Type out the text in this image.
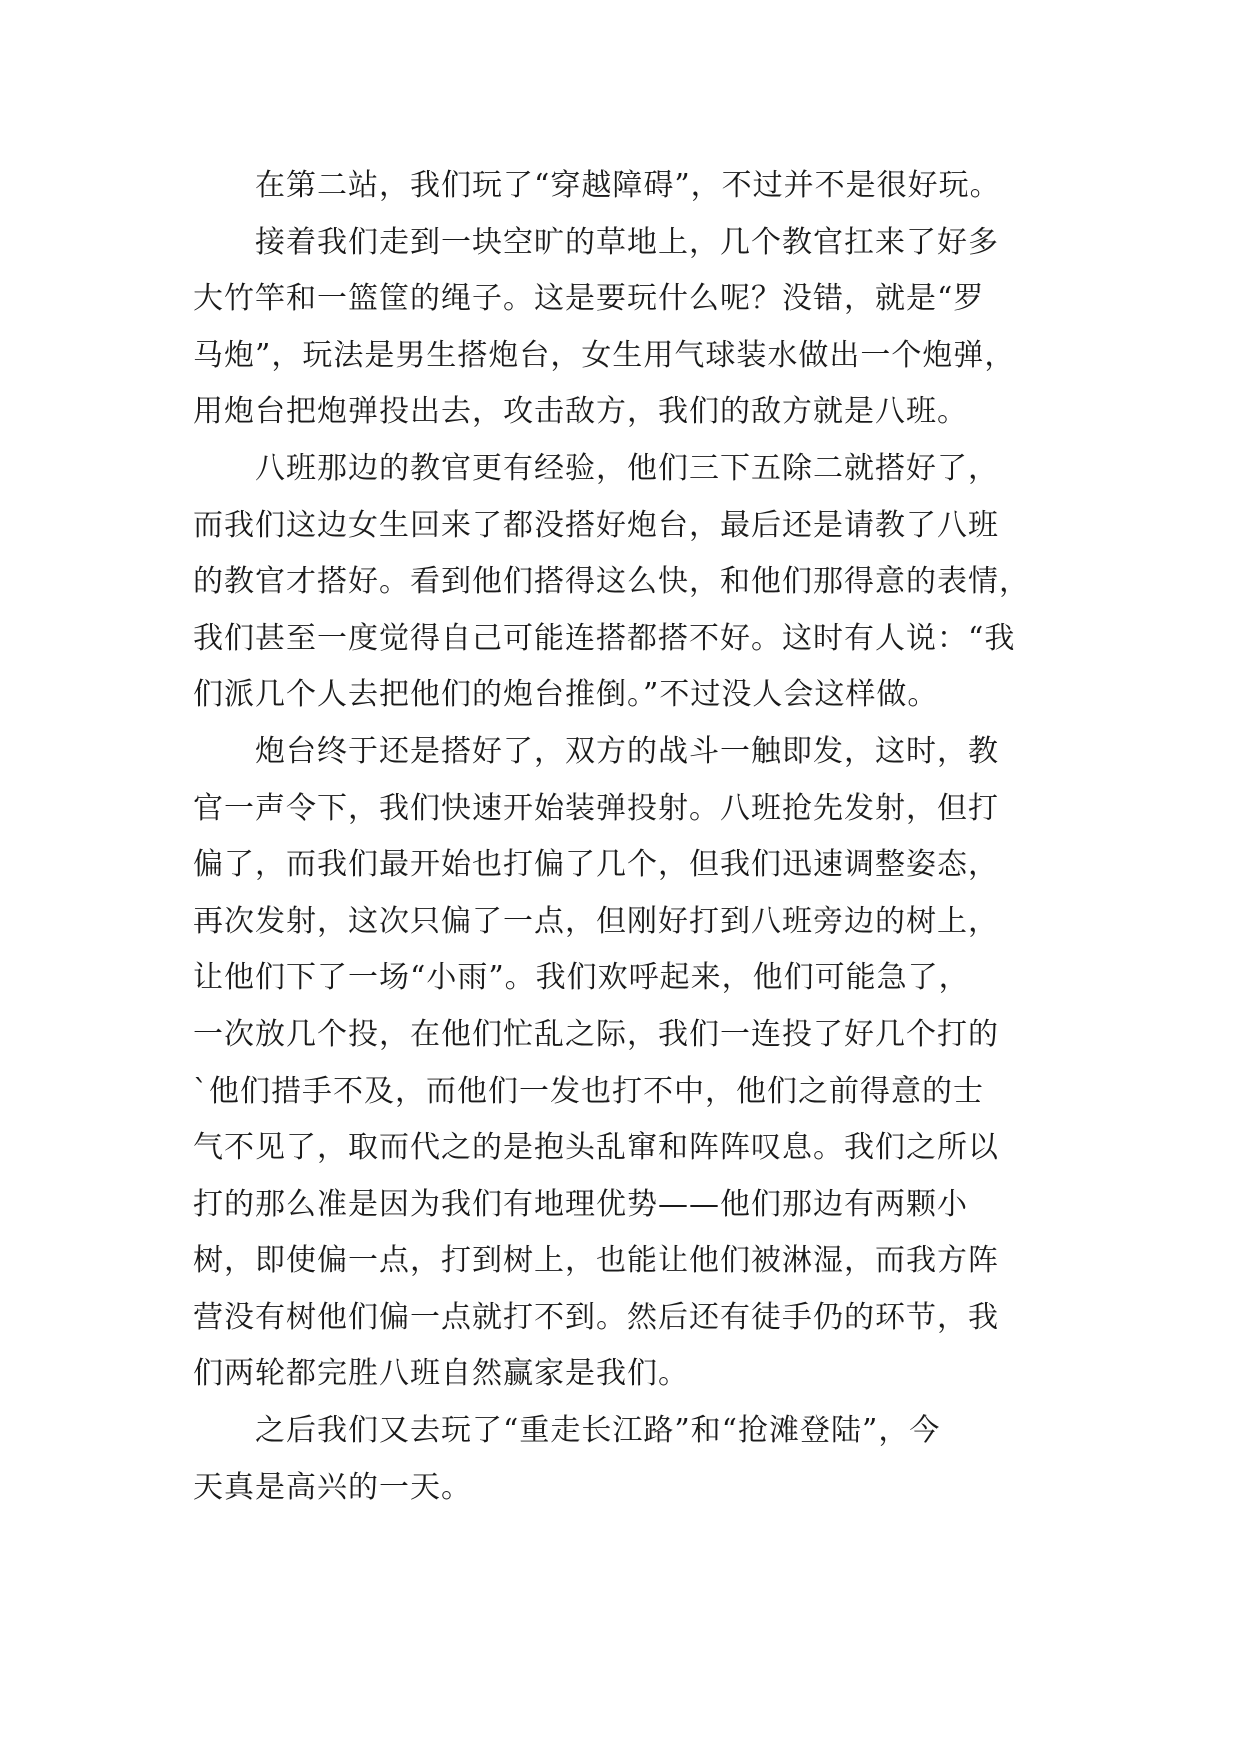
在第二站，我们玩了“穿越障碍”，不过并不是很好玩。
接着我们走到一块空旷的草地上，几个教官扛来了好多
大竹竿和一篮筐的绳子。这是要玩什么呢？没错，就是“罗
马炮”，玩法是男生搭炮台，女生用气球装水做出一个炮弹，
用炮台把炮弹投出去，攻击敌方，我们的敌方就是八班。
八班那边的教官更有经验，他们三下五除二就搭好了，
而我们这边女生回来了都没搭好炮台，最后还是请教了八班
的教官才搭好。看到他们搭得这么快，和他们那得意的表情，
我们甚至一度觉得自己可能连搭都搭不好。这时有人说：“我
们派几个人去把他们的炮台推倒。”不过没人会这样做。
炮台终于还是搭好了，双方的战斗一触即发，这时，教
官一声令下，我们快速开始装弹投射。八班抢先发射，但打
偏了，而我们最开始也打偏了几个，但我们迅速调整姿态，
再次发射，这次只偏了一点，但刚好打到八班旁边的树上，
让他们下了一场“小雨”。我们欢呼起来，他们可能急了，
一次放几个投，在他们忙乱之际，我们一连投了好几个打的
`他们措手不及，而他们一发也打不中，他们之前得意的士
气不见了，取而代之的是抱头乱窜和阵阵叹息。我们之所以
打的那么准是因为我们有地理优势——他们那边有两颗小
树，即使偏一点，打到树上，也能让他们被淋湿，而我方阵
营没有树他们偏一点就打不到。然后还有徒手仍的环节，我
们两轮都完胜八班自然赢家是我们。
之后我们又去玩了“重走长江路”和“抢滩登陆”，今
天真是高兴的一天。
